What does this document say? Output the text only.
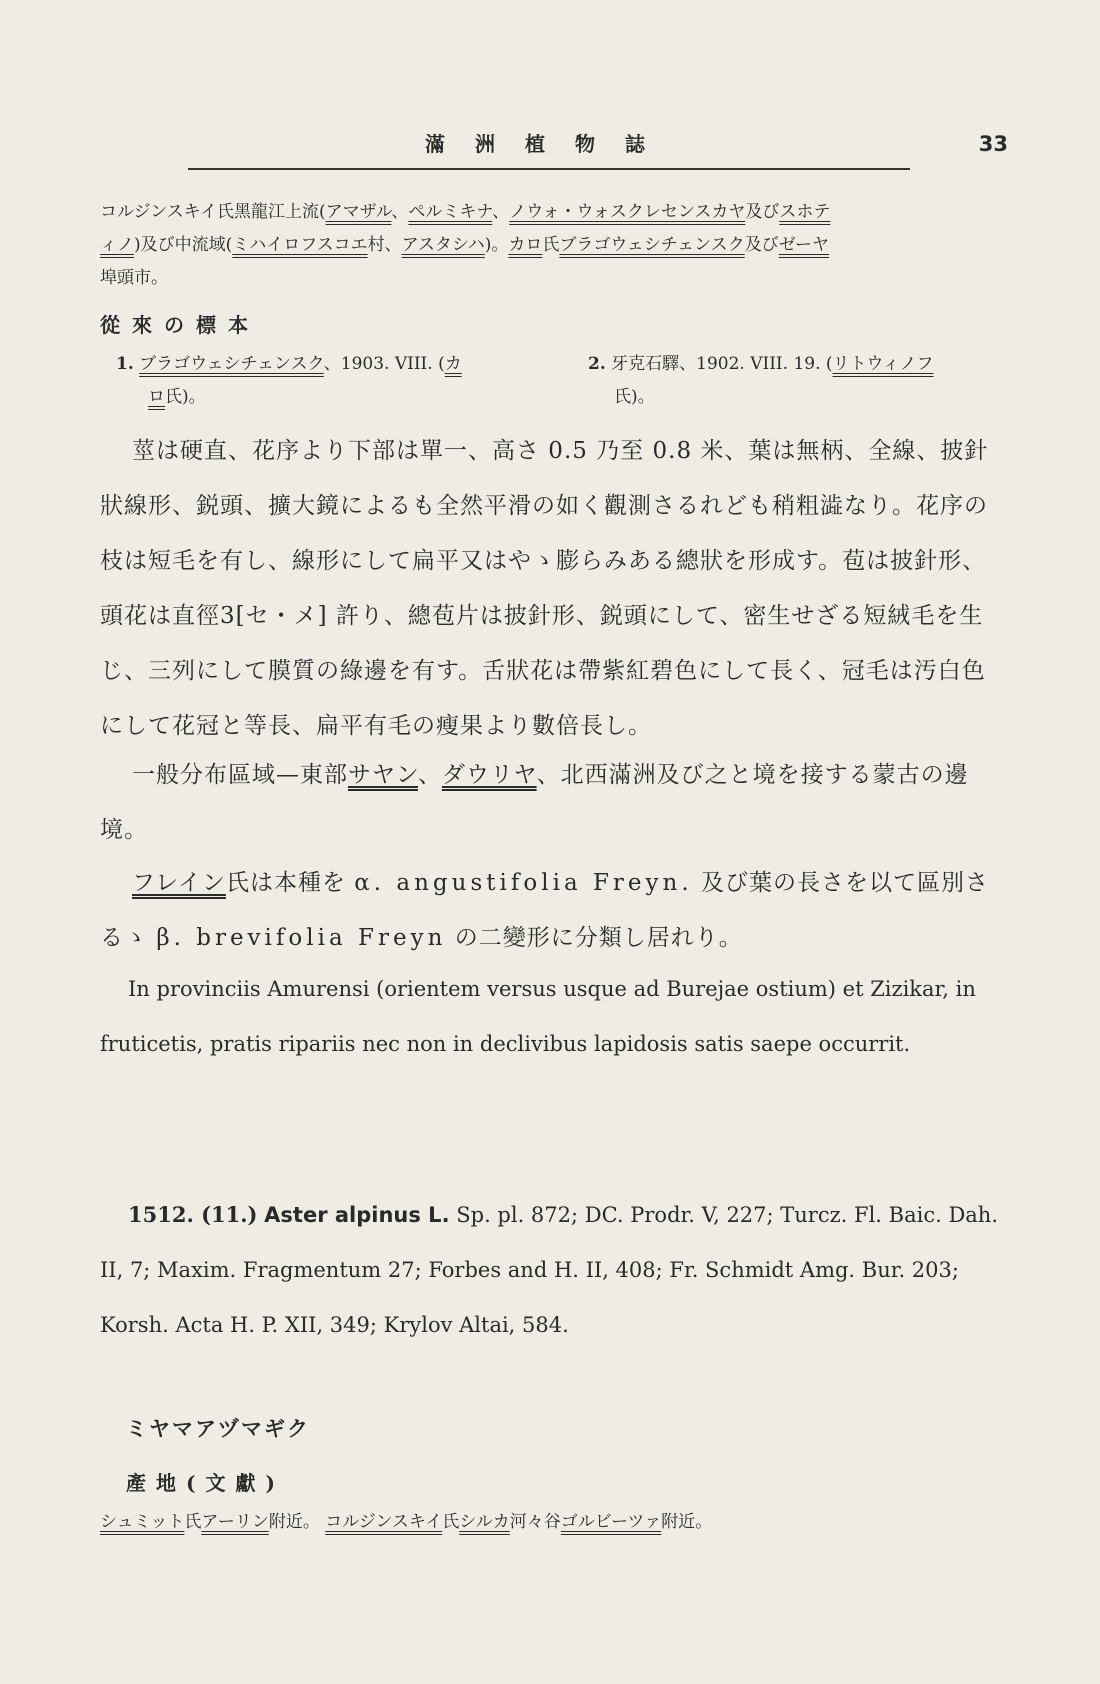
滿洲植物誌	33
コルジンスキイ氏黑龍江上流(アマザル、ペルミキナ、ノウォ・ウォスクレセンスカヤ及びスホテ
ィノ)及び中流域(ミハイロフスコエ村、アスタシハ)。カロ氏ブラゴウェシチェンスク及びゼーヤ
埠頭市。
從來の標本
1. ブラゴウェシチェンスク、1903. VIII. (カ
ロ氏)。
2. 牙克石驛、1902. VIII. 19. (リトウィノフ
氏)。
莖は硬直、花序より下部は單一、高さ 0.5 乃至 0.8 米、葉は無柄、全線、披針狀線形、鋭頭、擴大鏡によるも全然平滑の如く觀測さるれども稍粗澁なり。花序の枝は短毛を有し、線形にして扁平又はやゝ膨らみある總狀を形成す。苞は披針形、頭花は直徑3[セ・メ] 許り、總苞片は披針形、鋭頭にして、密生せざる短絨毛を生じ、三列にして膜質の綠邊を有す。舌狀花は帶紫紅碧色にして長く、冠毛は汚白色にして花冠と等長、扁平有毛の瘦果より數倍長し。
一般分布區域—東部サヤン、ダウリヤ、北西滿洲及び之と境を接する蒙古の邊境。
フレイン氏は本種を α. angustifolia Freyn. 及び葉の長さを以て區別さるゝ β. brevifolia Freyn の二變形に分類し居れり。
In provinciis Amurensi (orientem versus usque ad Burejae ostium) et Zizikar, in fruticetis, pratis ripariis nec non in declivibus lapidosis satis saepe occurrit.
1512. (11.) Aster alpinus L. Sp. pl. 872; DC. Prodr. V, 227; Turcz. Fl. Baic. Dah. II, 7; Maxim. Fragmentum 27; Forbes and H. II, 408; Fr. Schmidt Amg. Bur. 203; Korsh. Acta H. P. XII, 349; Krylov Altai, 584.
ミヤマアヅマギク
產地(文獻)
シュミット氏アーリン附近。 コルジンスキイ氏シルカ河々谷ゴルビーツァ附近。
